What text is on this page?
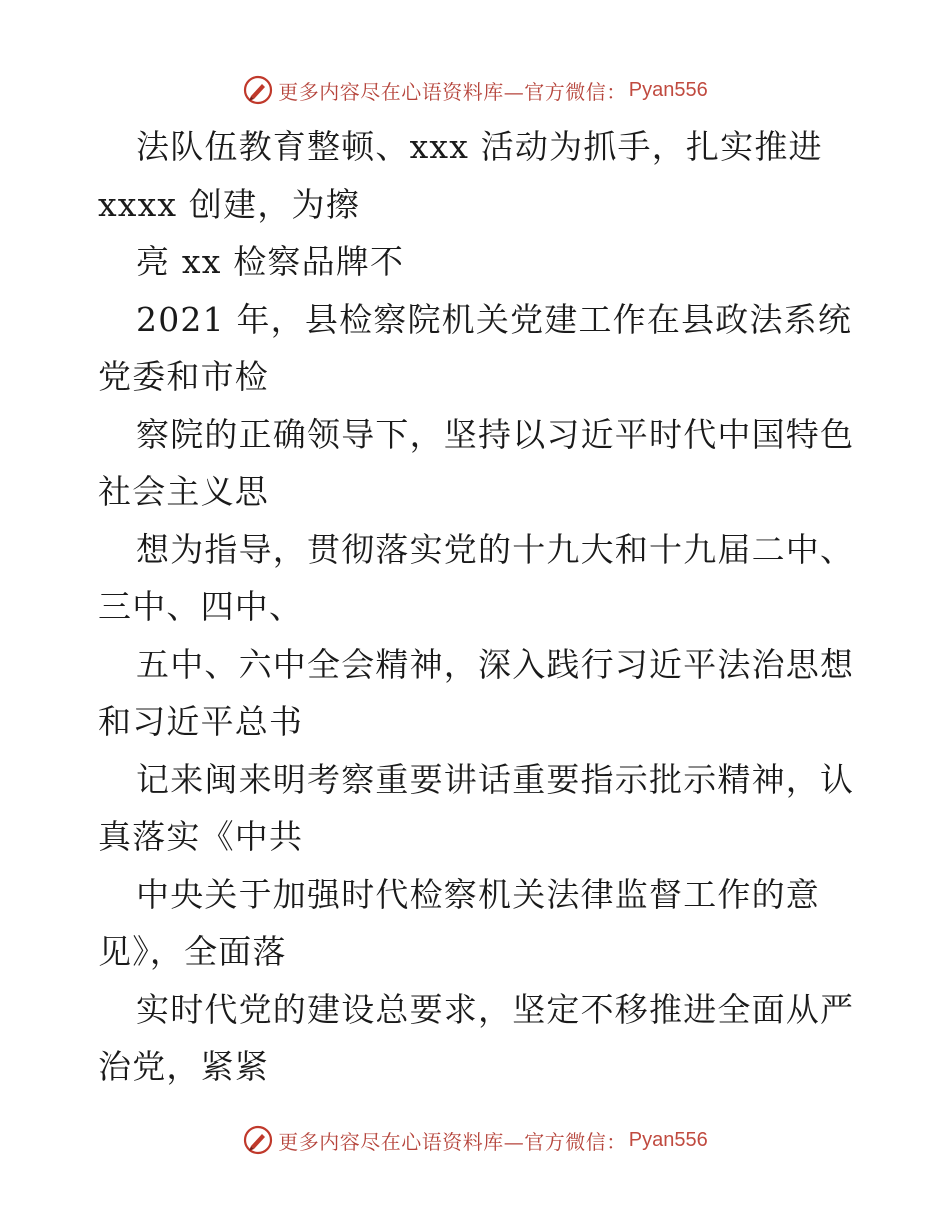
更多内容尽在心语资料库—官方微信： Pyan556
法队伍教育整顿、xxx 活动为抓手，扎实推进
xxxx 创建，为擦
亮 xx 检察品牌不
2021 年，县检察院机关党建工作在县政法系统
党委和市检
察院的正确领导下，坚持以习近平时代中国特色
社会主义思
想为指导，贯彻落实党的十九大和十九届二中、
三中、四中、
五中、六中全会精神，深入践行习近平法治思想
和习近平总书
记来闽来明考察重要讲话重要指示批示精神，认
真落实《中共
中央关于加强时代检察机关法律监督工作的意
见》，全面落
实时代党的建设总要求，坚定不移推进全面从严
治党，紧紧
更多内容尽在心语资料库—官方微信： Pyan556
